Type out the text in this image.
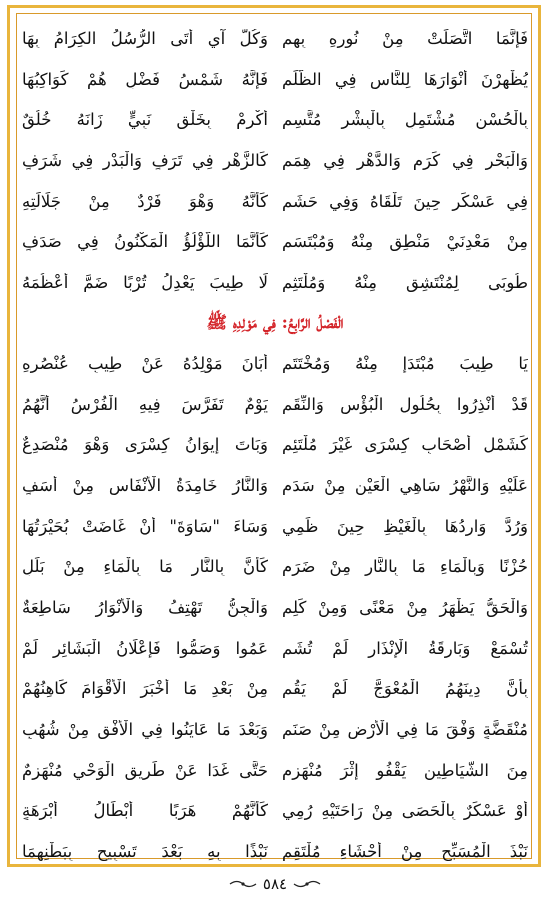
وَكُلُّ آيٍ أَتَى الرُّسُلُ الكِرَامُ بِهَا فَإِنَّمَا اتَّصَلَتْ مِنْ نُورِهِ بِهِمِ
فَإِنَّهُ شَمْسُ فَضْلٍ هُمْ كَوَاكِبُهَا يُظْهِرْنَ أَنْوَارَهَا لِلنَّاسِ فِي الظُّلَمِ
أَكْرِمْ بِخَلْقِ نَبِيٍّ زَانَهُ خُلُقٌ بِالْحُسْنِ مُشْتَمِلٍ بِالْبِشْرِ مُتَّسِمِ
كَالزَّهْرِ فِي تَرَفٍ وَالْبَدْرِ فِي شَرَفٍ وَالْبَحْرِ فِي كَرَمٍ وَالدَّهْرِ فِي هِمَمِ
كَأَنَّهُ وَهْوَ فَرْدٌ مِنْ جَلَالَتِهِ فِي عَسْكَرٍ حِينَ تَلْقَاهُ وَفِي حَشَمِ
كَأَنَّمَا اللُّؤْلُؤُ الْمَكْنُونُ فِي صَدَفٍ مِنْ مَعْدِنَيْ مَنْطِقٍ مِنْهُ وَمُبْتَسَمِ
لَا طِيبَ يَعْدِلُ تُرْبًا ضَمَّ أَعْظُمَهُ طُوبَى لِمُنْتَشِقٍ مِنْهُ وَمُلْتَثِمِ
الْفَصْلُ الرَّابِعُ: فِي مَوْلِدِهِ ﷺ
أَبَانَ مَوْلِدُهُ عَنْ طِيبِ عُنْصُرِهِ يَا طِيبَ مُبْتَدَإٍ مِنْهُ وَمُخْتَتَمِ
يَوْمٌ تَفَرَّسَ فِيهِ الْفُرْسُ أَنَّهُمُ قَدْ أُنْذِرُوا بِحُلُولِ الْبُؤْسِ وَالنِّقَمِ
وَبَاتَ إِيوَانُ كِسْرَى وَهْوَ مُنْصَدِعٌ كَشَمْلِ أَصْحَابِ كِسْرَى غَيْرَ مُلْتَئِمِ
وَالنَّارُ خَامِدَةُ الْأَنْفَاسِ مِنْ أَسَفٍ عَلَيْهِ وَالنَّهْرُ سَاهِي الْعَيْنِ مِنْ سَدَمِ
وَسَاءَ "سَاوَةَ" أَنْ غَاضَتْ بُحَيْرَتُهَا وَرُدَّ وَارِدُهَا بِالْغَيْظِ حِينَ ظَمِي
كَأَنَّ بِالنَّارِ مَا بِالْمَاءِ مِنْ بَلَلٍ حُزْنًا وَبِالْمَاءِ مَا بِالنَّارِ مِنْ ضَرَمِ
وَالْجِنُّ تَهْتِفُ وَالْأَنْوَارُ سَاطِعَةٌ وَالْحَقُّ يَظْهَرُ مِنْ مَعْنًى وَمِنْ كَلِمِ
عَمُوا وَصَمُّوا فَإِعْلَانُ الْبَشَائِرِ لَمْ تُسْمَعْ وَبَارِقَةُ الْإِنْذَارِ لَمْ تُشَمِ
مِنْ بَعْدِ مَا أَخْبَرَ الْأَقْوَامَ كَاهِنُهُمْ بِأَنَّ دِينَهُمُ الْمُعْوَجَّ لَمْ يَقُمِ
وَبَعْدَ مَا عَايَنُوا فِي الْأُفْقِ مِنْ شُهُبٍ مُنْقَضَّةٍ وَفْقَ مَا فِي الْأَرْضِ مِنْ صَنَمِ
حَتَّى غَدَا عَنْ طَرِيقِ الْوَحْيِ مُنْهَزِمٌ مِنَ الشَّيَاطِينِ يَقْفُو إِثْرَ مُنْهَزِمِ
كَأَنَّهُمْ هَرَبًا أَبْطَالُ أَبْرَهَةٍ أَوْ عَسْكَرٌ بِالْحَصَى مِنْ رَاحَتَيْهِ رُمِي
نَبْذًا بِهِ بَعْدَ تَسْبِيحٍ بِبَطْنِهِمَا نَبْذَ الْمُسَبِّحِ مِنْ أَحْشَاءِ مُلْتَقِمِ
٥٨٤
